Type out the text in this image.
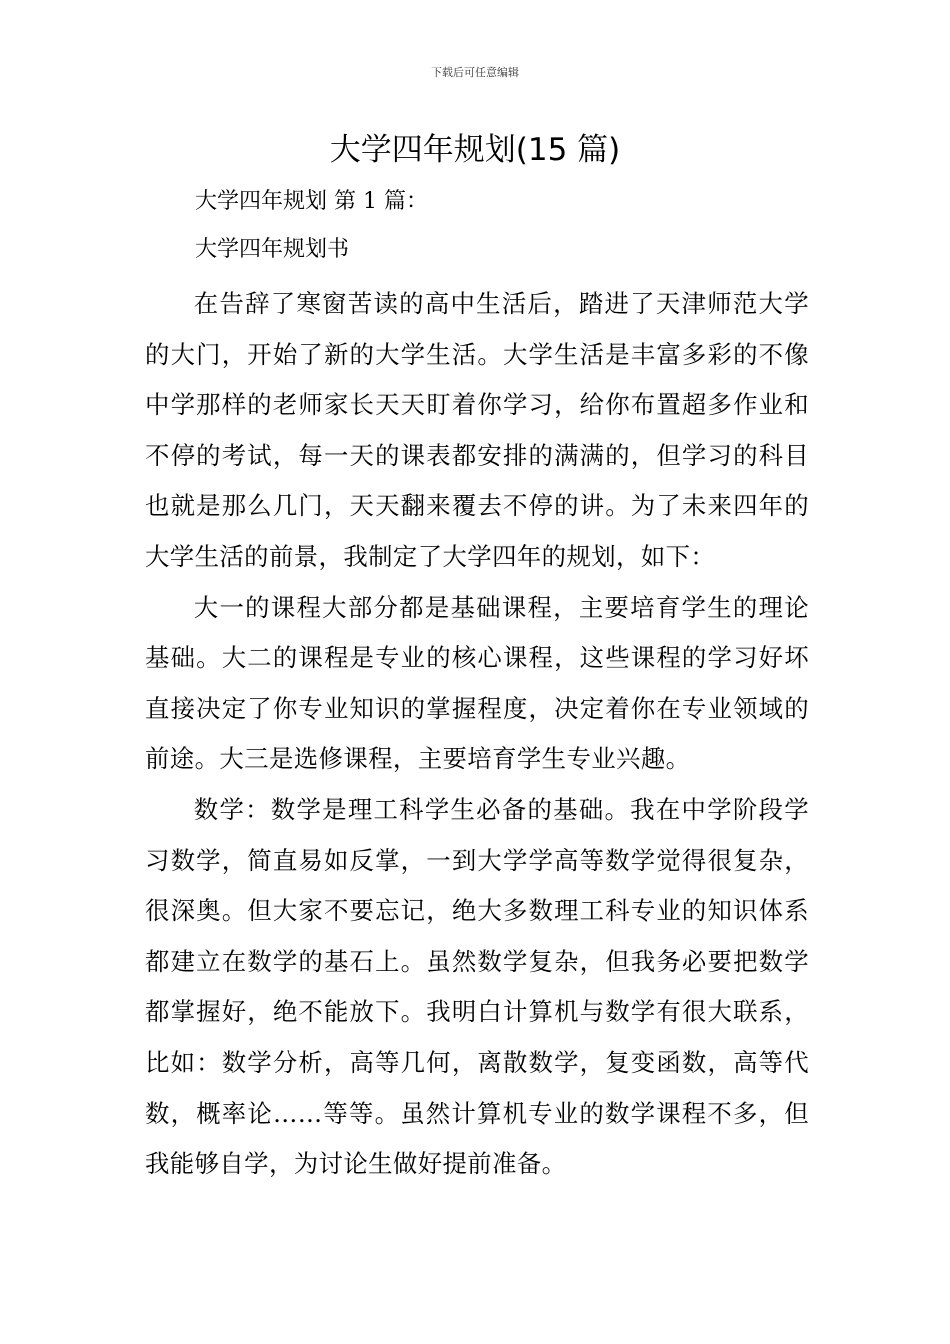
下载后可任意编辑
大学四年规划(15 篇)

大学四年规划 第 1 篇：

大学四年规划书

在告辞了寒窗苦读的高中生活后，踏进了天津师范大学的大门，开始了新的大学生活。大学生活是丰富多彩的不像中学那样的老师家长天天盯着你学习，给你布置超多作业和不停的考试，每一天的课表都安排的满满的，但学习的科目也就是那么几门，天天翻来覆去不停的讲。为了未来四年的大学生活的前景，我制定了大学四年的规划，如下：

大一的课程大部分都是基础课程，主要培育学生的理论基础。大二的课程是专业的核心课程，这些课程的学习好坏直接决定了你专业知识的掌握程度，决定着你在专业领域的前途。大三是选修课程，主要培育学生专业兴趣。

数学：数学是理工科学生必备的基础。我在中学阶段学习数学，简直易如反掌，一到大学学高等数学觉得很复杂，很深奥。但大家不要忘记，绝大多数理工科专业的知识体系都建立在数学的基石上。虽然数学复杂，但我务必要把数学都掌握好，绝不能放下。我明白计算机与数学有很大联系，比如：数学分析，高等几何，离散数学，复变函数，高等代数，概率论……等等。虽然计算机专业的数学课程不多，但我能够自学，为讨论生做好提前准备。
